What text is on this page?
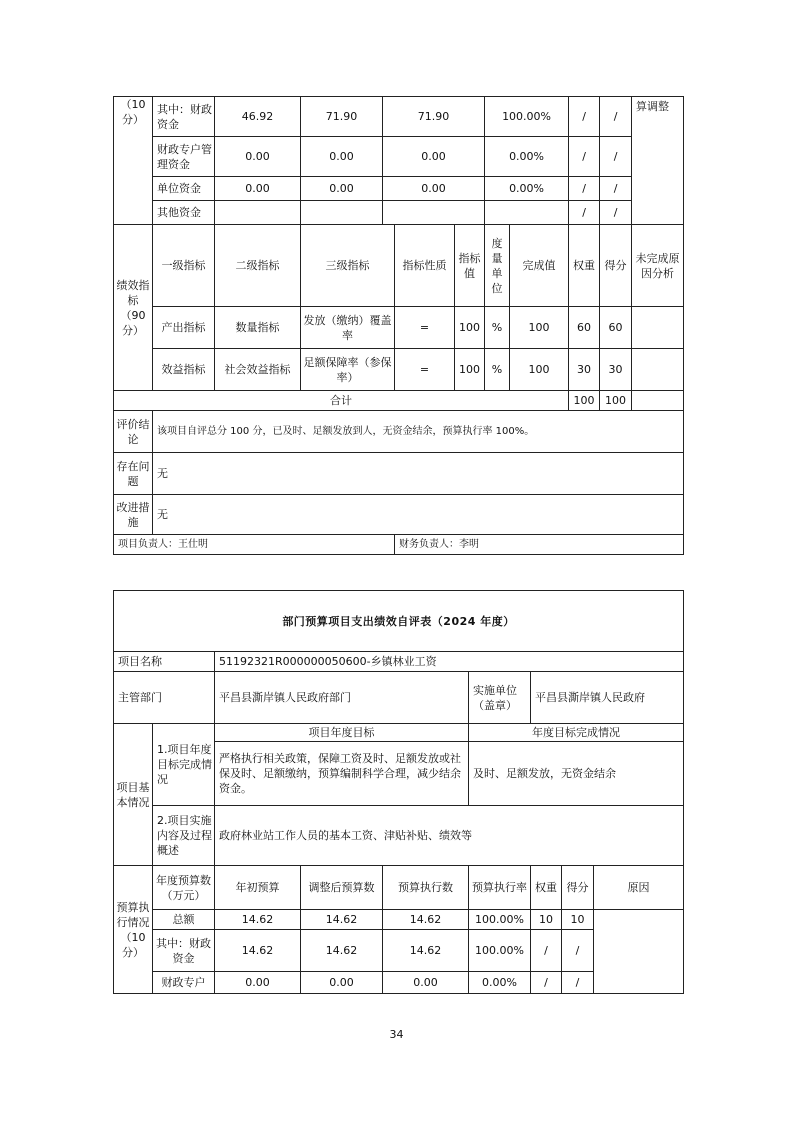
（10分）	其中：财政资金	46.92	71.90	71.90			100.00%		/	/	算调整
	财政专户管理资金	0.00	0.00	0.00			0.00%		/	/	
	单位资金	0.00	0.00	0.00			0.00%		/	/	
	其他资金								/	/	
绩效指标（90分）	一级指标	二级指标	三级指标		指标性质	指标值	度量单位	完成值	权重	得分	未完成原因分析
	产出指标	数量指标	发放（缴纳）覆盖率		=	100	%	100	60	60	
	效益指标	社会效益指标	足额保障率（参保率）		=	100	%	100	30	30	
合计									100	100	
评价结论	该项目自评总分 100 分，已及时、足额发放到人，无资金结余，预算执行率 100%。										
存在问题	无										
改进措施	无										
项目负责人：王仕明					财务负责人：李明						
部门预算项目支出绩效自评表（2024 年度）								
项目名称		51192321R000000050600-乡镇林业工资						
主管部门		平昌县澌岸镇人民政府部门			实施单位（盖章）	平昌县澌岸镇人民政府		
项目基本情况	1.项目年度目标完成情况	项目年度目标			年度目标完成情况			
		严格执行相关政策，保障工资及时、足额发放或社保及时、足额缴纳，预算编制科学合理，减少结余资金。			及时、足额发放，无资金结余			
	2.项目实施内容及过程概述	政府林业站工作人员的基本工资、津贴补贴、绩效等						
预算执行情况（10分）	年度预算数（万元）	年初预算	调整后预算数	预算执行数	预算执行率	权重	得分	原因
	总额	14.62	14.62	14.62	100.00%	10	10	
	其中：财政资金	14.62	14.62	14.62	100.00%	/	/	
	财政专户	0.00	0.00	0.00	0.00%	/	/	
34
